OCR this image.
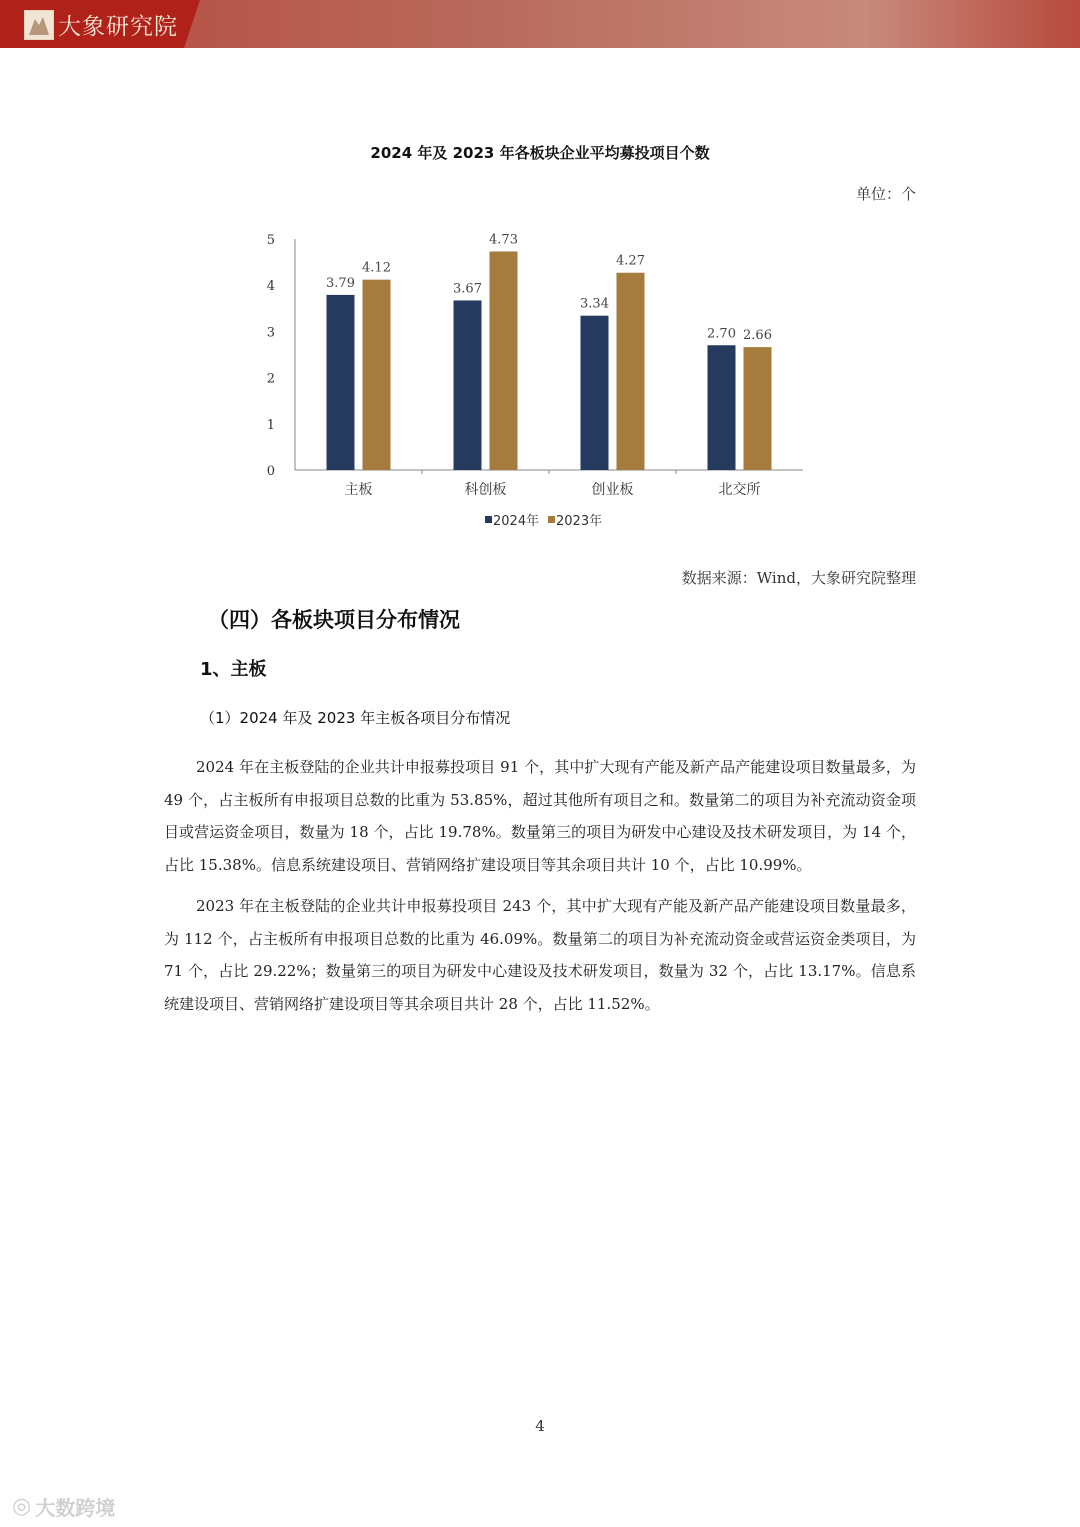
大象研究院
2024 年及 2023 年各板块企业平均募投项目个数
单位：个
0
1
2
3
4
5
3.79
4.12
主板
3.67
4.73
科创板
3.34
4.27
创业板
2.70 2.66
北交所
2024年 2023年
数据来源：Wind，大象研究院整理
（四）各板块项目分布情况
1、主板
（1）2024 年及 2023 年主板各项目分布情况

2024 年在主板登陆的企业共计申报募投项目 91 个，其中扩大现有产能及新产品产能建设项目数量最多，为 49 个，占主板所有申报项目总数的比重为 53.85%，超过其他所有项目之和。数量第二的项目为补充流动资金项目或营运资金项目，数量为 18 个，占比 19.78%。数量第三的项目为研发中心建设及技术研发项目，为 14 个，占比 15.38%。信息系统建设项目、营销网络扩建设项目等其余项目共计 10 个，占比 10.99%。

2023 年在主板登陆的企业共计申报募投项目 243 个，其中扩大现有产能及新产品产能建设项目数量最多，为 112 个，占主板所有申报项目总数的比重为 46.09%。数量第二的项目为补充流动资金或营运资金类项目，为 71 个，占比 29.22%；数量第三的项目为研发中心建设及技术研发项目，数量为 32 个，占比 13.17%。信息系统建设项目、营销网络扩建设项目等其余项目共计 28 个，占比 11.52%。

4
◎ 大数跨境
